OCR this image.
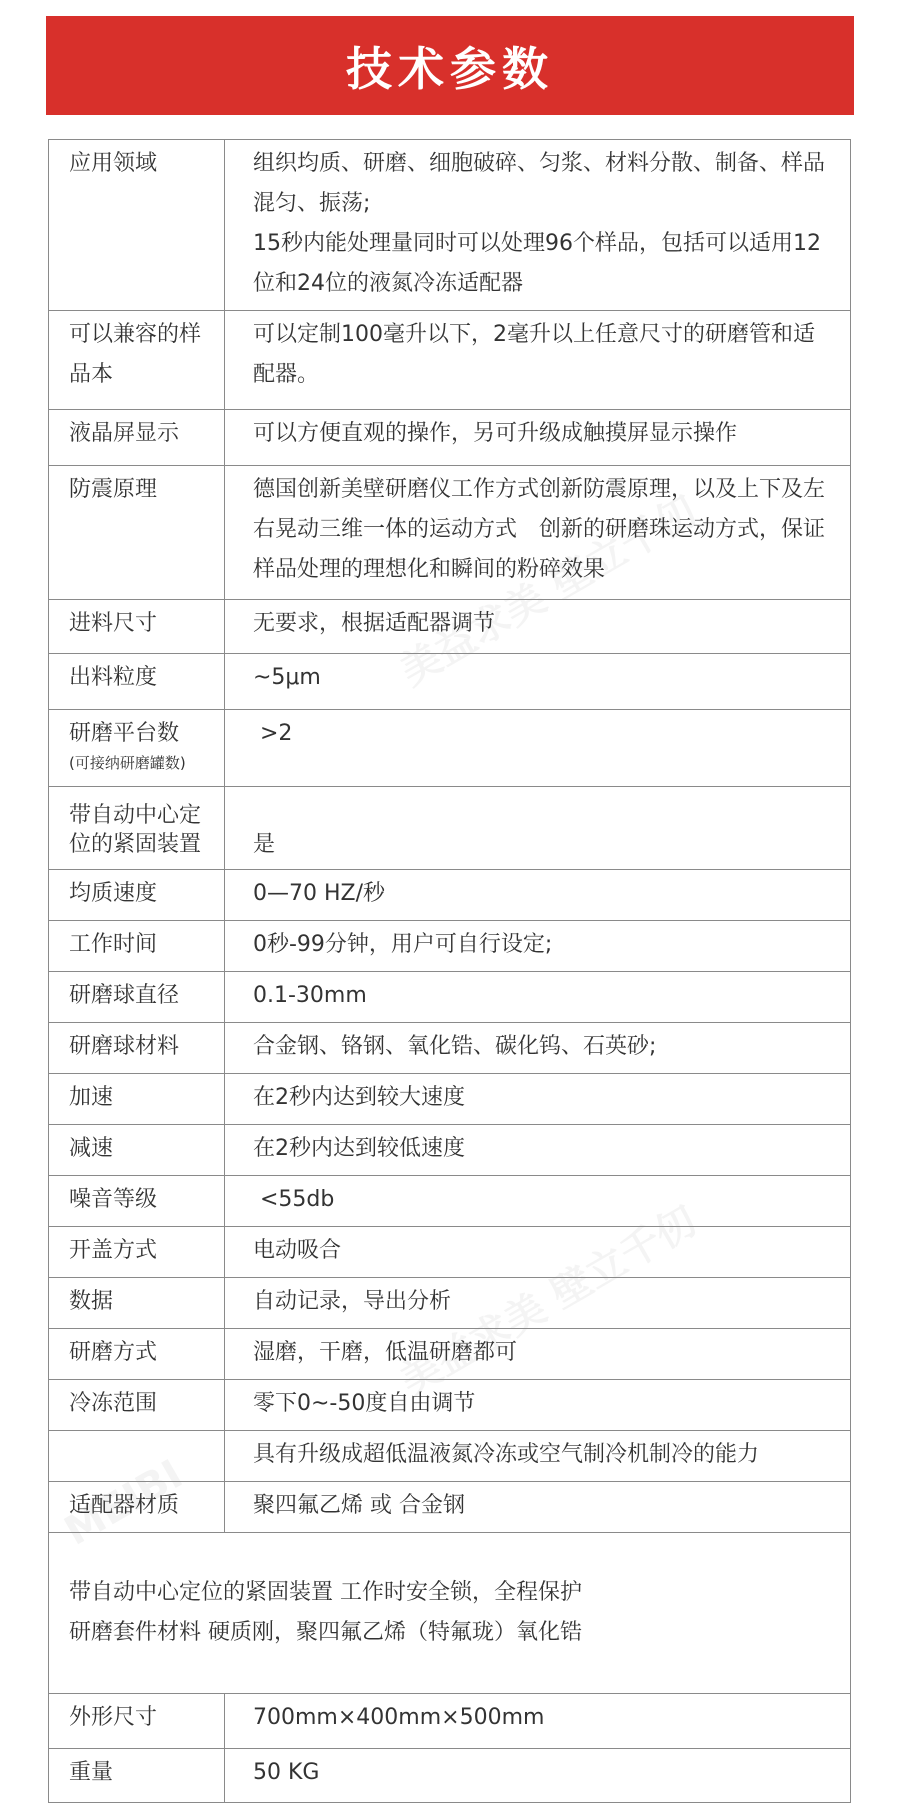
技术参数
应用领域	组织均质、研磨、细胞破碎、匀浆、材料分散、制备、样品混匀、振荡;
15秒内能处理量同时可以处理96个样品，包括可以适用12位和24位的液氮冷冻适配器

可以兼容的样品本	可以定制100毫升以下，2毫升以上任意尺寸的研磨管和适配器。
液晶屏显示	可以方便直观的操作，另可升级成触摸屏显示操作
防震原理	德国创新美壁研磨仪工作方式创新防震原理，以及上下及左右晃动三维一体的运动方式　创新的研磨珠运动方式，保证样品处理的理想化和瞬间的粉碎效果
进料尺寸	无要求，根据适配器调节
出料粒度	~5μm

研磨平台数
(可接纳研磨罐数)	>2
带自动中心定位的紧固装置	是
均质速度	0—70 HZ/秒
工作时间	0秒-99分钟，用户可自行设定;
研磨球直径	0.1-30mm
研磨球材料	合金钢、铬钢、氧化锆、碳化钨、石英砂;
加速	在2秒内达到较大速度
减速	在2秒内达到较低速度
噪音等级	<55db
开盖方式	电动吸合
数据	自动记录，导出分析
研磨方式	湿磨，干磨，低温研磨都可
冷冻范围	零下0~-50度自由调节
	具有升级成超低温液氮冷冻或空气制冷机制冷的能力
适配器材质	聚四氟乙烯 或 合金钢

带自动中心定位的紧固装置 工作时安全锁，全程保护
研磨套件材料 硬质刚，聚四氟乙烯（特氟珑）氧化锆	

外形尺寸	700mm×400mm×500mm
重量	50 KG
